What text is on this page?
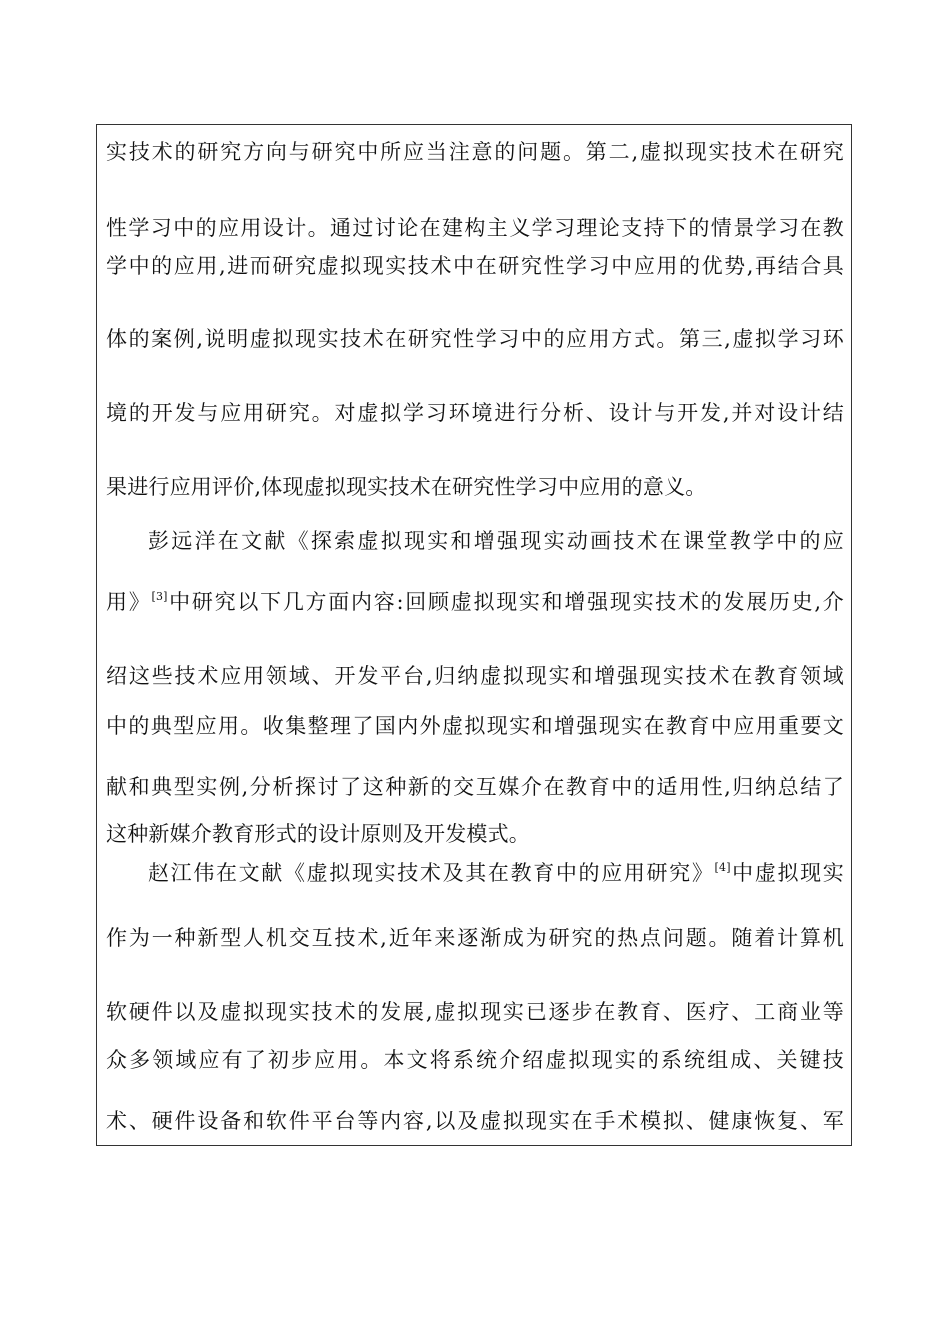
实技术的研究方向与研究中所应当注意的问题。第二,虚拟现实技术在研究
性学习中的应用设计。通过讨论在建构主义学习理论支持下的情景学习在教
学中的应用,进而研究虚拟现实技术中在研究性学习中应用的优势,再结合具
体的案例,说明虚拟现实技术在研究性学习中的应用方式。第三,虚拟学习环
境的开发与应用研究。对虚拟学习环境进行分析、设计与开发,并对设计结
果进行应用评价,体现虚拟现实技术在研究性学习中应用的意义。
彭远洋在文献《探索虚拟现实和增强现实动画技术在课堂教学中的应
用》[3]中研究以下几方面内容:回顾虚拟现实和增强现实技术的发展历史,介
绍这些技术应用领域、开发平台,归纳虚拟现实和增强现实技术在教育领域
中的典型应用。收集整理了国内外虚拟现实和增强现实在教育中应用重要文
献和典型实例,分析探讨了这种新的交互媒介在教育中的适用性,归纳总结了
这种新媒介教育形式的设计原则及开发模式。
赵江伟在文献《虚拟现实技术及其在教育中的应用研究》[4]中虚拟现实
作为一种新型人机交互技术,近年来逐渐成为研究的热点问题。随着计算机
软硬件以及虚拟现实技术的发展,虚拟现实已逐步在教育、医疗、工商业等
众多领域应有了初步应用。本文将系统介绍虚拟现实的系统组成、关键技
术、硬件设备和软件平台等内容,以及虚拟现实在手术模拟、健康恢复、军
